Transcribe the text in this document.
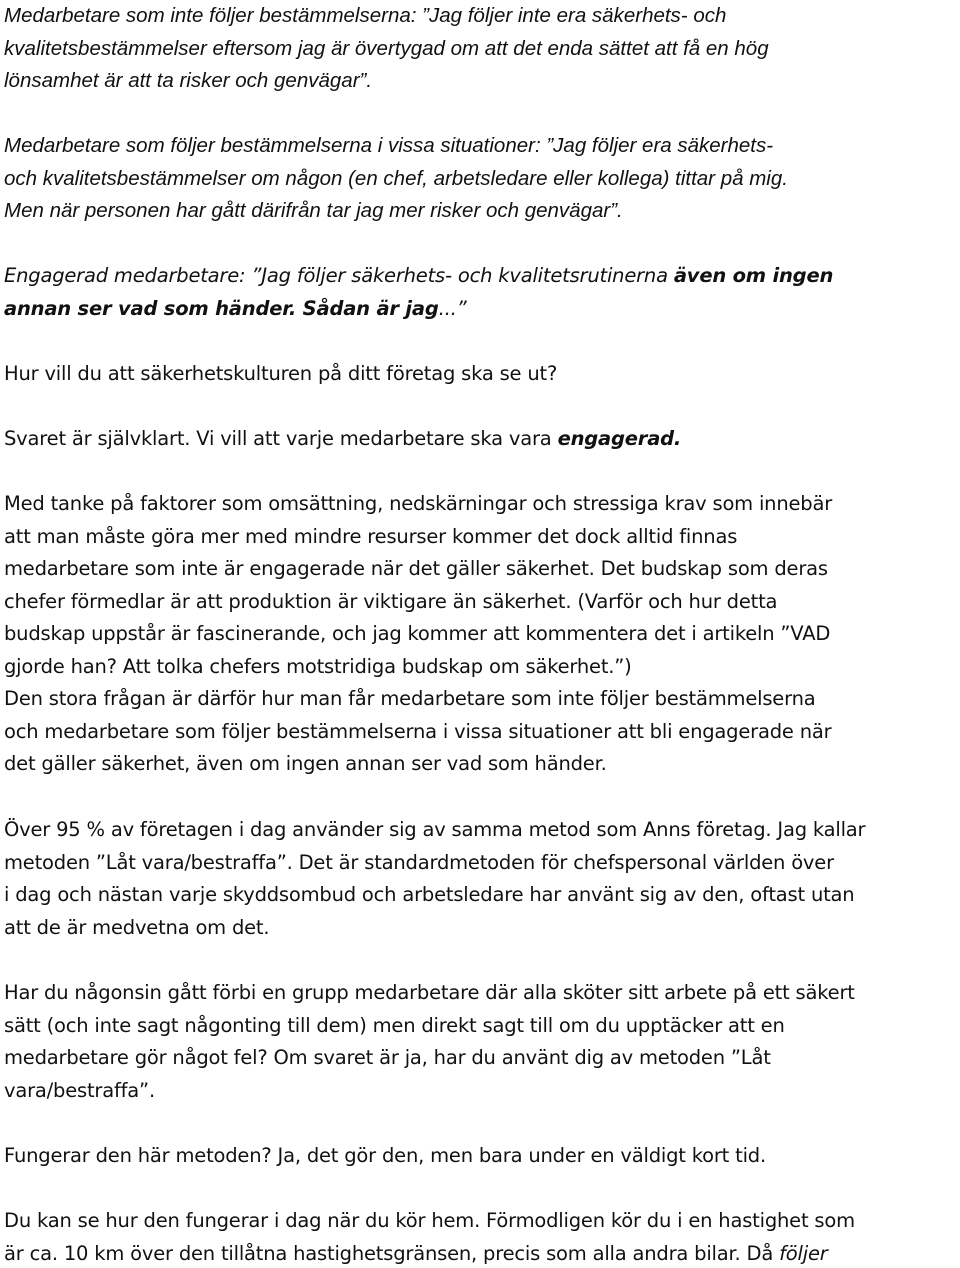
Medarbetare som inte följer bestämmelserna: ”Jag följer inte era säkerhets- och
kvalitetsbestämmelser eftersom jag är övertygad om att det enda sättet att få en hög
lönsamhet är att ta risker och genvägar”.

Medarbetare som följer bestämmelserna i vissa situationer: ”Jag följer era säkerhets-
och kvalitetsbestämmelser om någon (en chef, arbetsledare eller kollega) tittar på mig.
Men när personen har gått därifrån tar jag mer risker och genvägar”.

Engagerad medarbetare: ”Jag följer säkerhets- och kvalitetsrutinerna även om ingen
annan ser vad som händer. Sådan är jag...”

Hur vill du att säkerhetskulturen på ditt företag ska se ut?

Svaret är självklart. Vi vill att varje medarbetare ska vara engagerad.

Med tanke på faktorer som omsättning, nedskärningar och stressiga krav som innebär
att man måste göra mer med mindre resurser kommer det dock alltid finnas
medarbetare som inte är engagerade när det gäller säkerhet. Det budskap som deras
chefer förmedlar är att produktion är viktigare än säkerhet. (Varför och hur detta
budskap uppstår är fascinerande, och jag kommer att kommentera det i artikeln ”VAD
gjorde han? Att tolka chefers motstridiga budskap om säkerhet.”)
Den stora frågan är därför hur man får medarbetare som inte följer bestämmelserna
och medarbetare som följer bestämmelserna i vissa situationer att bli engagerade när
det gäller säkerhet, även om ingen annan ser vad som händer.

Över 95 % av företagen i dag använder sig av samma metod som Anns företag. Jag kallar
metoden ”Låt vara/bestraffa”. Det är standardmetoden för chefspersonal världen över
i dag och nästan varje skyddsombud och arbetsledare har använt sig av den, oftast utan
att de är medvetna om det.

Har du någonsin gått förbi en grupp medarbetare där alla sköter sitt arbete på ett säkert
sätt (och inte sagt någonting till dem) men direkt sagt till om du upptäcker att en
medarbetare gör något fel? Om svaret är ja, har du använt dig av metoden ”Låt
vara/bestraffa”.

Fungerar den här metoden? Ja, det gör den, men bara under en väldigt kort tid.

Du kan se hur den fungerar i dag när du kör hem. Förmodligen kör du i en hastighet som
är ca. 10 km över den tillåtna hastighetsgränsen, precis som alla andra bilar. Då följer
